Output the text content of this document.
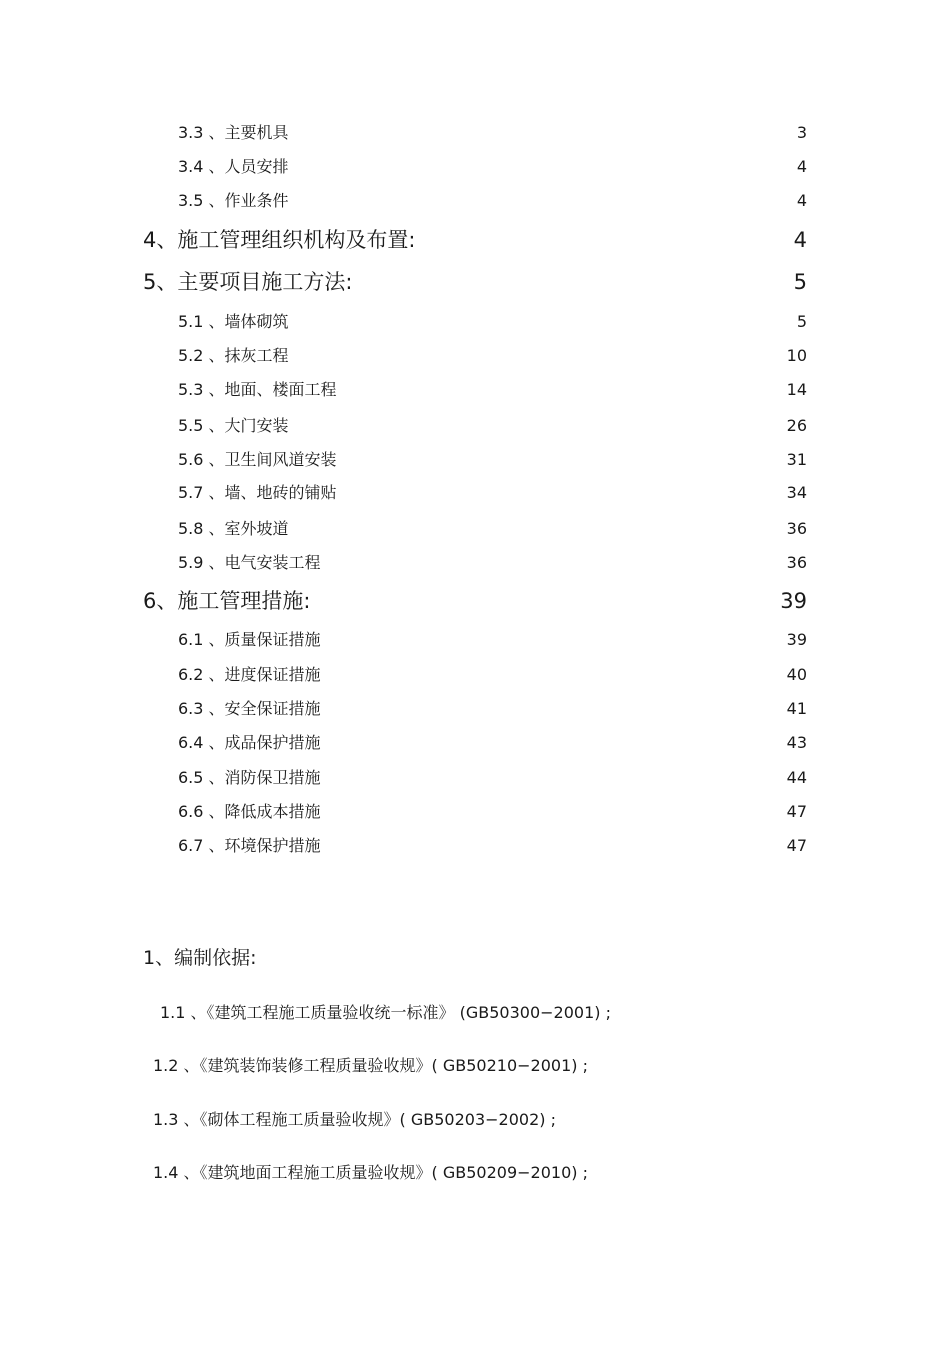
3.3 、主要机具	3
3.4 、人员安排	4
3.5 、作业条件	4
4、施工管理组织机构及布置:	4
5、主要项目施工方法:	5
5.1 、墙体砌筑	5
5.2 、抹灰工程	10
5.3 、地面、楼面工程	14
5.5 、大门安装	26
5.6 、卫生间风道安装	31
5.7 、墙、地砖的铺贴	34
5.8 、室外坡道	36
5.9 、电气安装工程	36
6、施工管理措施:	39
6.1 、质量保证措施	39
6.2 、进度保证措施	40
6.3 、安全保证措施	41
6.4 、成品保护措施	43
6.5 、消防保卫措施	44
6.6 、降低成本措施	47
6.7 、环境保护措施	47
1、编制依据:
1.1 、《建筑工程施工质量验收统一标准》 (GB50300−2001) ;
1.2 、《建筑装饰装修工程质量验收规》( GB50210−2001) ;
1.3 、《砌体工程施工质量验收规》( GB50203−2002) ;
1.4 、《建筑地面工程施工质量验收规》( GB50209−2010) ;
